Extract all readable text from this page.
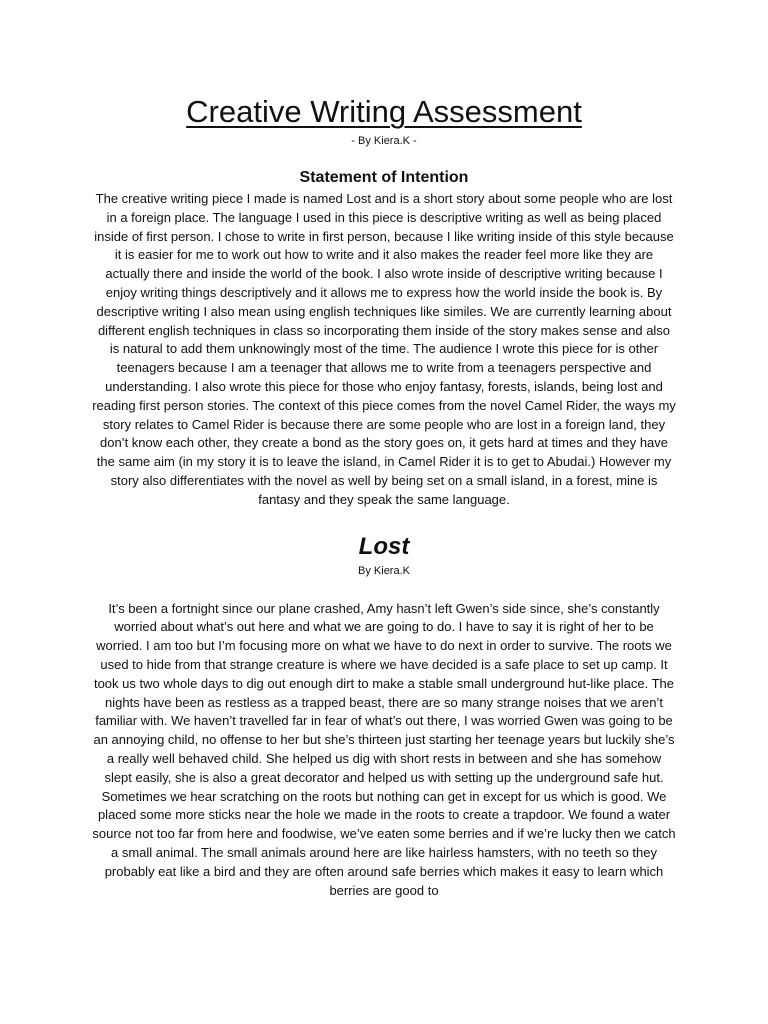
Creative Writing Assessment

- By Kiera.K -

Statement of Intention

The creative writing piece I made is named Lost and is a short story about some people who are lost in a foreign place. The language I used in this piece is descriptive writing as well as being placed inside of first person. I chose to write in first person, because I like writing inside of this style because it is easier for me to work out how to write and it also makes the reader feel more like they are actually there and inside the world of the book. I also wrote inside of descriptive writing because I enjoy writing things descriptively and it allows me to express how the world inside the book is. By descriptive writing I also mean using english techniques like similes. We are currently learning about different english techniques in class so incorporating them inside of the story makes sense and also is natural to add them unknowingly most of the time. The audience I wrote this piece for is other teenagers because I am a teenager that allows me to write from a teenagers perspective and understanding. I also wrote this piece for those who enjoy fantasy, forests, islands, being lost and reading first person stories. The context of this piece comes from the novel Camel Rider, the ways my story relates to Camel Rider is because there are some people who are lost in a foreign land, they don’t know each other, they create a bond as the story goes on, it gets hard at times and they have the same aim (in my story it is to leave the island, in Camel Rider it is to get to Abudai.) However my story also differentiates with the novel as well by being set on a small island, in a forest, mine is fantasy and they speak the same language.

Lost

By Kiera.K

It’s been a fortnight since our plane crashed, Amy hasn’t left Gwen’s side since, she’s constantly worried about what’s out here and what we are going to do. I have to say it is right of her to be worried. I am too but I’m focusing more on what we have to do next in order to survive. The roots we used to hide from that strange creature is where we have decided is a safe place to set up camp. It took us two whole days to dig out enough dirt to make a stable small underground hut-like place. The nights have been as restless as a trapped beast, there are so many strange noises that we aren’t familiar with. We haven’t travelled far in fear of what’s out there, I was worried Gwen was going to be an annoying child, no offense to her but she’s thirteen just starting her teenage years but luckily she’s a really well behaved child. She helped us dig with short rests in between and she has somehow slept easily, she is also a great decorator and helped us with setting up the underground safe hut. Sometimes we hear scratching on the roots but nothing can get in except for us which is good. We placed some more sticks near the hole we made in the roots to create a trapdoor. We found a water source not too far from here and foodwise, we’ve eaten some berries and if we’re lucky then we catch a small animal. The small animals around here are like hairless hamsters, with no teeth so they probably eat like a bird and they are often around safe berries which makes it easy to learn which berries are good to
